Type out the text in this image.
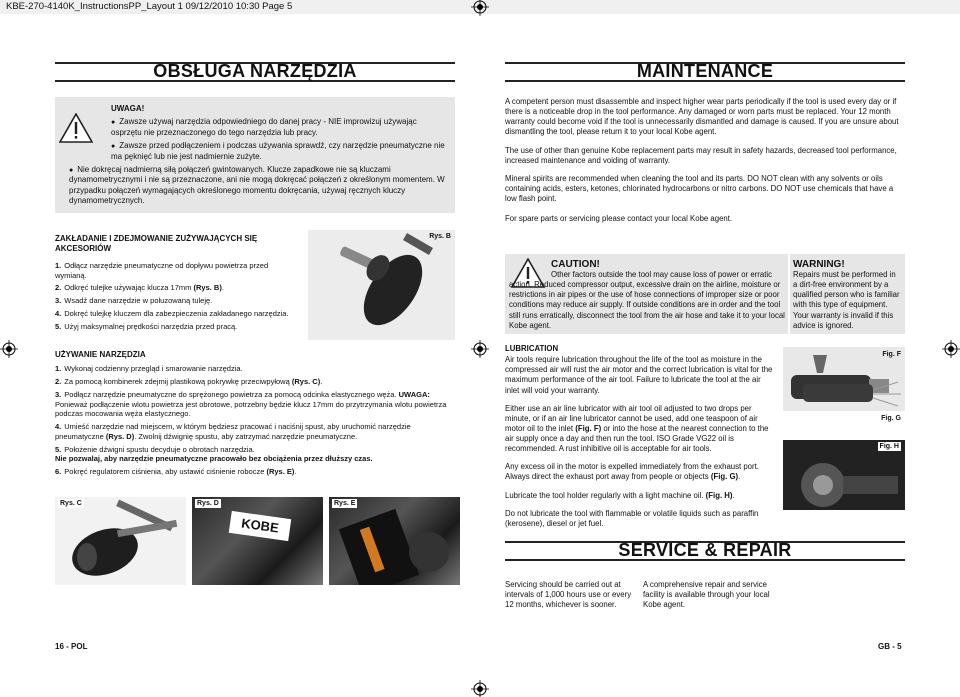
KBE-270-4140K_InstructionsPP_Layout 1 09/12/2010 10:30 Page 5
OBSŁUGA NARZĘDZIA

UWAGA!

● Zawsze używaj narzędzia odpowiedniego do danej pracy - NIE improwizuj używając osprzętu nie przeznaczonego do tego narzędzia lub pracy.

● Zawsze przed podłączeniem i podczas używania sprawdź, czy narzędzie pneumatyczne nie ma pęknięć lub nie jest nadmiernie zużyte.

● Nie dokręcaj nadmierną siłą połączeń gwintowanych. Klucze zapadkowe nie są kluczami dynamometrycznymi i nie są przeznaczone, ani nie mogą dokręcać połączeń z określonym momentem. W przypadku połączeń wymagających określonego momentu dokręcania, używaj ręcznych kluczy dynamometrycznych.

ZAKŁADANIE I ZDEJMOWANIE ZUŻYWAJĄCYCH SIĘ AKCESORIÓW

1. Odłącz narzędzie pneumatyczne od dopływu powietrza przed wymianą.
2. Odkręć tulejke używając klucza 17mm (Rys. B).
3. Wsadź dane narzędzie w poluzowaną tuleję.
4. Dokręć tulejkę kluczem dla zabezpieczenia zakładanego narzędzia.
5. Użyj maksymalnej prędkości narzędzia przed pracą.
Rys. B

UŻYWANIE NARZĘDZIA

1. Wykonaj codzienny przegląd i smarowanie narzędzia.
2. Za pomocą kombinerek zdejmij plastikową pokrywkę przeciwpyłową (Rys. C).
3. Podłącz narzędzie pneumatyczne do sprężonego powietrza za pomocą odcinka elastycznego węża. UWAGA: Ponieważ podłączenie wlotu powietrza jest obrotowe, potrzebny będzie klucz 17mm do przytrzymania wlotu powietrza podczas mocowania węża elastycznego.
4. Umieść narzędzie nad miejscem, w którym będziesz pracować i naciśnij spust, aby uruchomić narzędzie pneumatyczne (Rys. D). Zwolnij dźwignię spustu, aby zatrzymać narzędzie pneumatyczne.
5. Położenie dźwigni spustu decyduje o obrotach narzędzia.
Nie pozwalaj, aby narzędzie pneumatyczne pracowało bez obciążenia przez dłuższy czas.
6. Pokręć regulatorem ciśnienia, aby ustawić ciśnienie robocze (Rys. E).
Rys. C
KOBE
Rys. D	Rys. E
16 - POL
MAINTENANCE

A competent person must disassemble and inspect higher wear parts periodically if the tool is used every day or if there is a noticeable drop in the tool performance. Any damaged or worn parts must be replaced. Your 12 month warranty could become void if the tool is unnecessarily dismantled and damage is caused. If you are unsure about dismantling the tool, please return it to your local Kobe agent.

The use of other than genuine Kobe replacement parts may result in safety hazards, decreased tool performance, increased maintenance and voiding of warranty.

Mineral spirits are recommended when cleaning the tool and its parts. DO NOT clean with any solvents or oils containing acids, esters, ketones, chlorinated hydrocarbons or nitro carbons. DO NOT use chemicals that have a low flash point.

For spare parts or servicing please contact your local Kobe agent.

CAUTION!
Other factors outside the tool may cause loss of power or erratic action. Reduced compressor output, excessive drain on the airline, moisture or restrictions in air pipes or the use of hose connections of improper size or poor conditions may reduce air supply. If outside conditions are in order and the tool still runs erratically, disconnect the tool from the air hose and take it to your local Kobe agent.
WARNING!
Repairs must be performed in a dirt-free environment by a qualified person who is familiar with this type of equipment. Your warranty is invalid if this advice is ignored.

LUBRICATION

Air tools require lubrication throughout the life of the tool as moisture in the compressed air will rust the air motor and the correct lubrication is vital for the maximum performance of the air tool. Failure to lubricate the tool at the air inlet will void your warranty.

Either use an air line lubricator with air tool oil adjusted to two drops per minute, or if an air line lubricator cannot be used, add one teaspoon of air motor oil to the inlet (Fig. F) or into the hose at the nearest connection to the air supply once a day and then run the tool. ISO Grade VG22 oil is recommended. A rust inhibitive oil is acceptable for air tools.

Any excess oil in the motor is expelled immediately from the exhaust port. Always direct the exhaust port away from people or objects (Fig. G).

Lubricate the tool holder regularly with a light machine oil. (Fig. H).

Do not lubricate the tool with flammable or volatile liquids such as paraffin (kerosene), diesel or jet fuel.

Fig. F
Fig. G
Fig. H
SERVICE & REPAIR
Servicing should be carried out at intervals of 1,000 hours use or every 12 months, whichever is sooner.
A comprehensive repair and service facility is available through your local Kobe agent.
GB - 5
